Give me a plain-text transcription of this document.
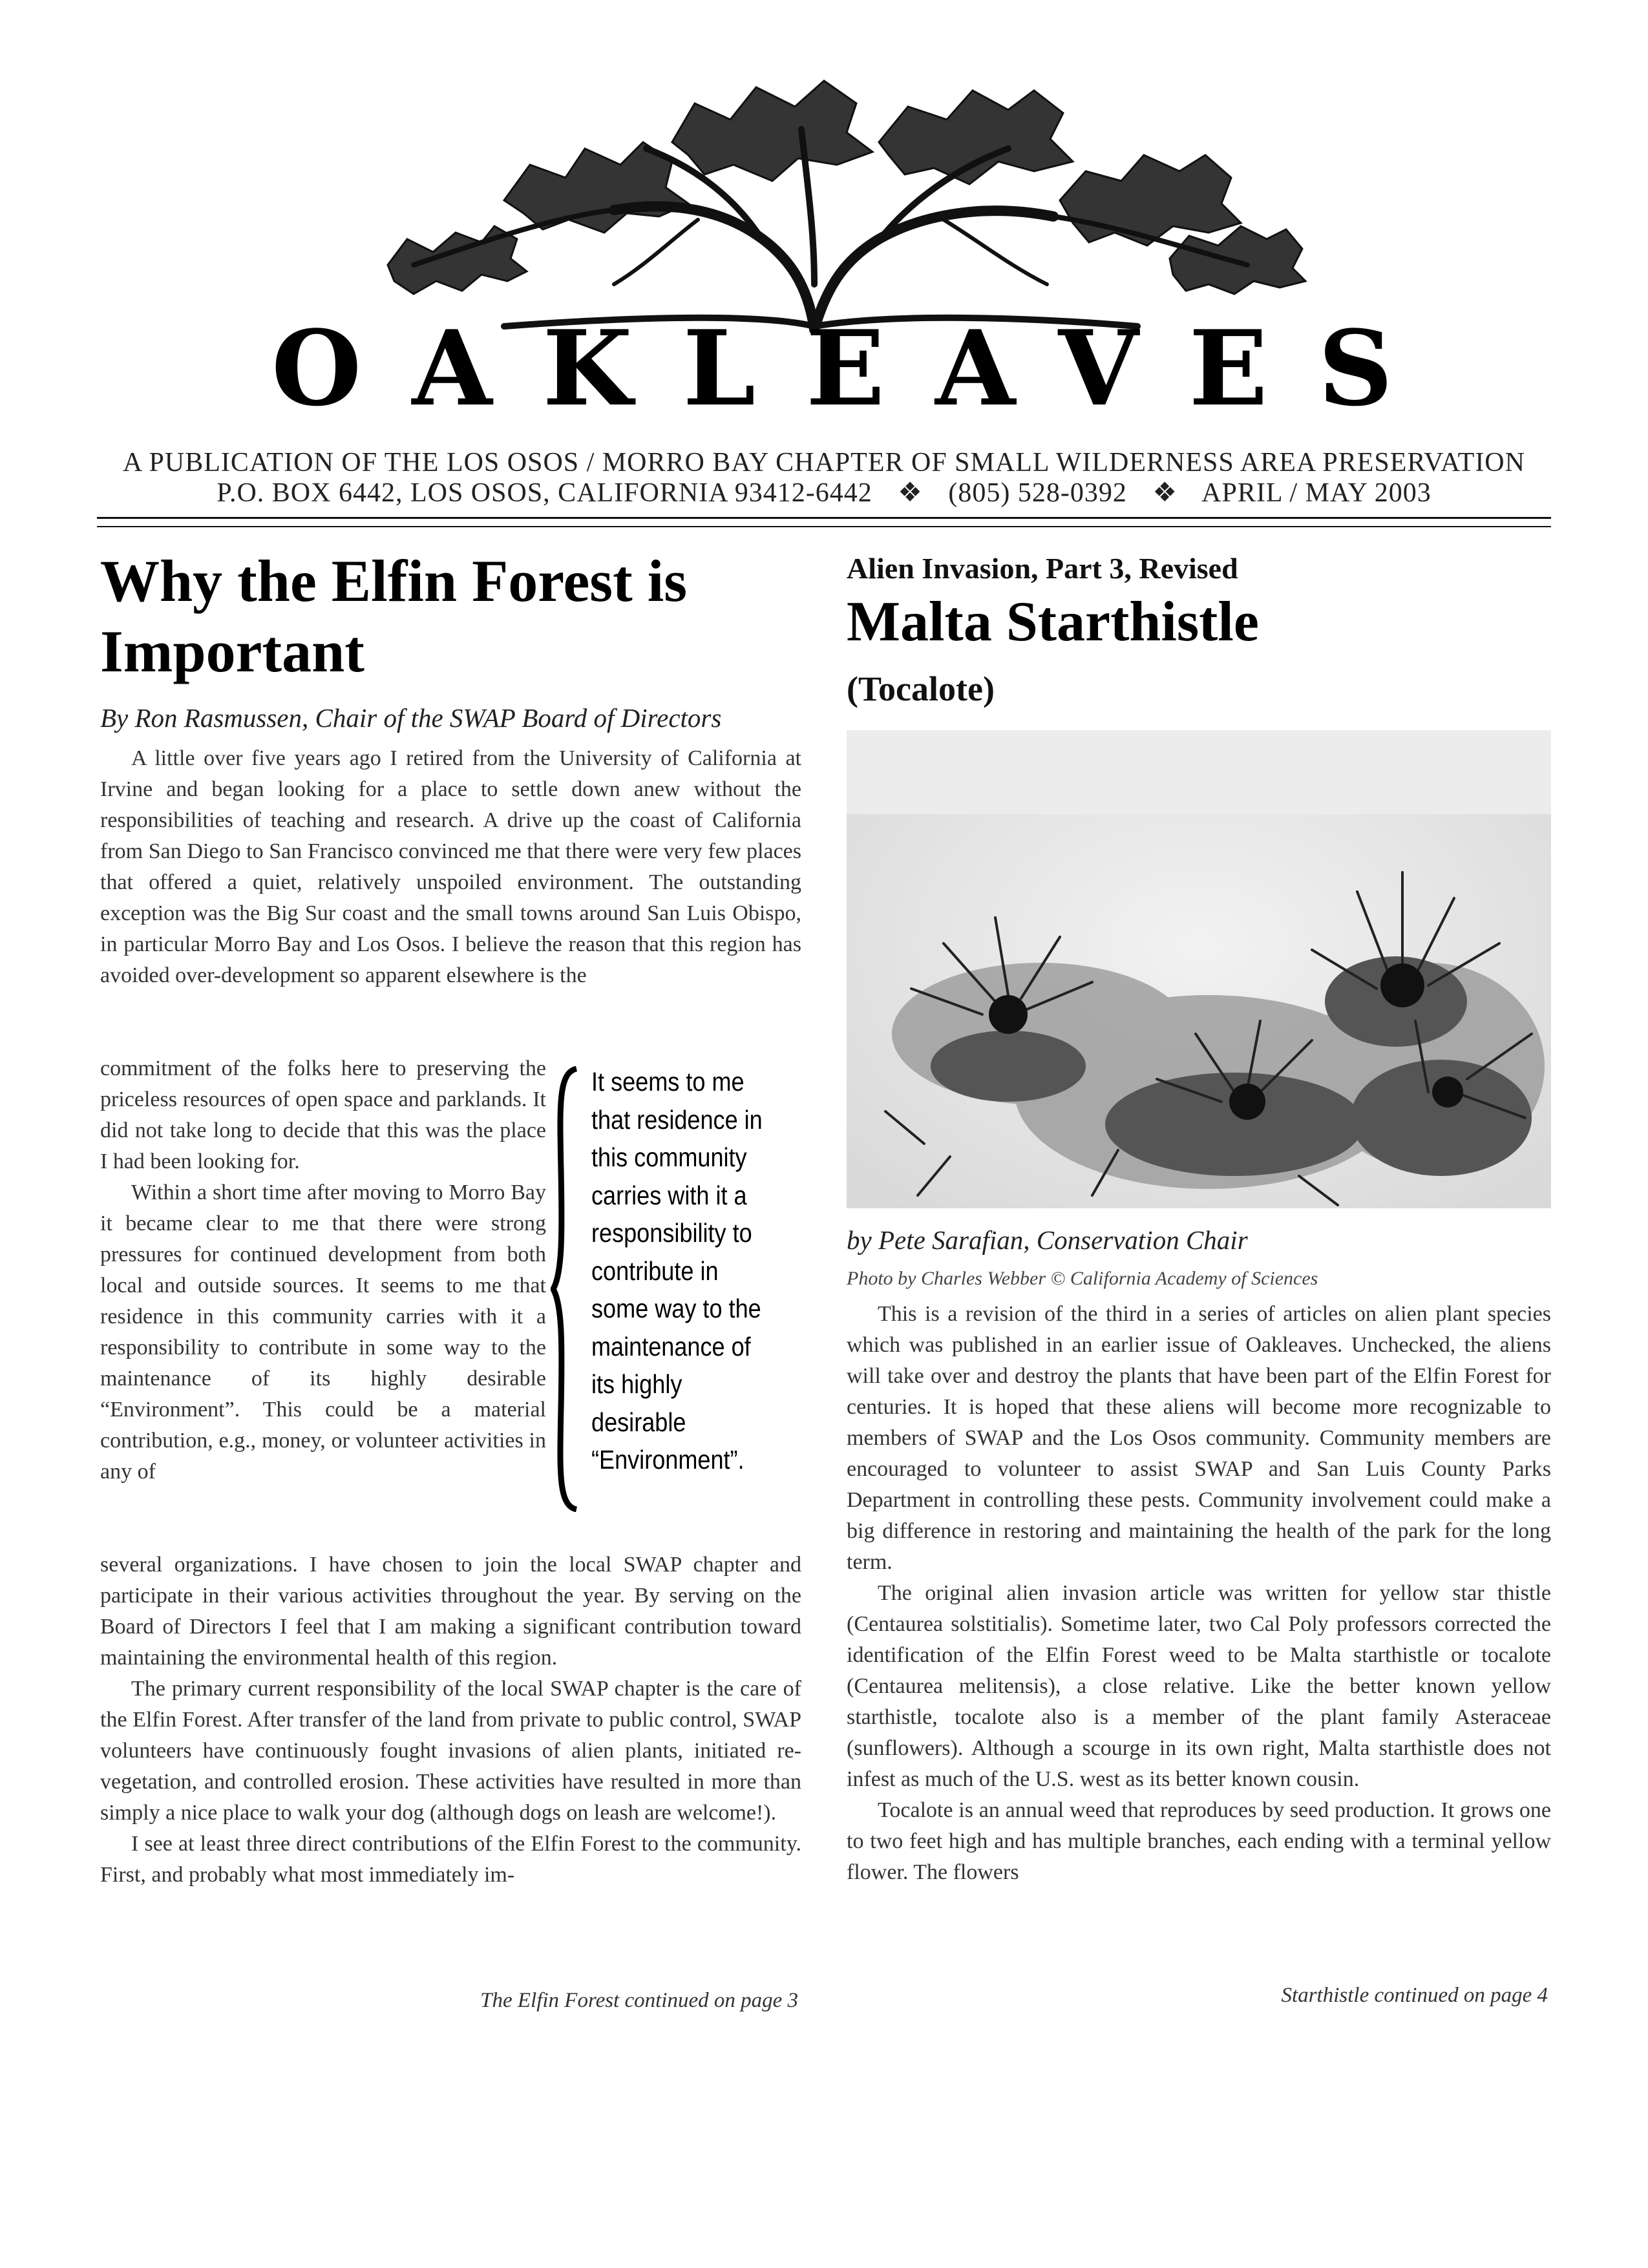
OAKLEAVES
A PUBLICATION OF THE LOS OSOS / MORRO BAY CHAPTER OF SMALL WILDERNESS AREA PRESERVATION
P.O. BOX 6442, LOS OSOS, CALIFORNIA 93412-6442 ❖ (805) 528-0392 ❖ APRIL / MAY 2003
Why the Elfin Forest is Important
By Ron Rasmussen, Chair of the SWAP Board of Directors

A little over five years ago I retired from the University of California at Irvine and began looking for a place to settle down anew without the responsibilities of teaching and research. A drive up the coast of California from San Diego to San Francisco convinced me that there were very few places that offered a quiet, relatively unspoiled environment. The outstanding exception was the Big Sur coast and the small towns around San Luis Obispo, in particular Morro Bay and Los Osos. I believe the reason that this region has avoided over-development so apparent elsewhere is the

commitment of the folks here to preserving the priceless resources of open space and parklands. It did not take long to decide that this was the place I had been looking for.

Within a short time after moving to Morro Bay it became clear to me that there were strong pressures for continued development from both local and outside sources. It seems to me that residence in this community carries with it a responsibility to contribute in some way to the maintenance of its highly desirable “Environment”. This could be a material contribution, e.g., money, or volunteer activities in any of

It seems to me that residence in this community carries with it a responsibility to contribute in some way to the maintenance of its highly desirable “Environment”.

several organizations. I have chosen to join the local SWAP chapter and participate in their various activities throughout the year. By serving on the Board of Directors I feel that I am making a significant contribution toward maintaining the environmental health of this region.

The primary current responsibility of the local SWAP chapter is the care of the Elfin Forest. After transfer of the land from private to public control, SWAP volunteers have continuously fought invasions of alien plants, initiated re-vegetation, and controlled erosion. These activities have resulted in more than simply a nice place to walk your dog (although dogs on leash are welcome!).

I see at least three direct contributions of the Elfin Forest to the community. First, and probably what most immediately im-

The Elfin Forest continued on page 3
Alien Invasion, Part 3, Revised
Malta Starthistle
(Tocalote)
by Pete Sarafian, Conservation Chair
Photo by Charles Webber © California Academy of Sciences

This is a revision of the third in a series of articles on alien plant species which was published in an earlier issue of Oakleaves. Unchecked, the aliens will take over and destroy the plants that have been part of the Elfin Forest for centuries. It is hoped that these aliens will become more recognizable to members of SWAP and the Los Osos community. Community members are encouraged to volunteer to assist SWAP and San Luis County Parks Department in controlling these pests. Community involvement could make a big difference in restoring and maintaining the health of the park for the long term.

The original alien invasion article was written for yellow star thistle (Centaurea solstitialis). Sometime later, two Cal Poly professors corrected the identification of the Elfin Forest weed to be Malta starthistle or tocalote (Centaurea melitensis), a close relative. Like the better known yellow starthistle, tocalote also is a member of the plant family Asteraceae (sunflowers). Although a scourge in its own right, Malta starthistle does not infest as much of the U.S. west as its better known cousin.

Tocalote is an annual weed that reproduces by seed production. It grows one to two feet high and has multiple branches, each ending with a terminal yellow flower. The flowers

Starthistle continued on page 4
